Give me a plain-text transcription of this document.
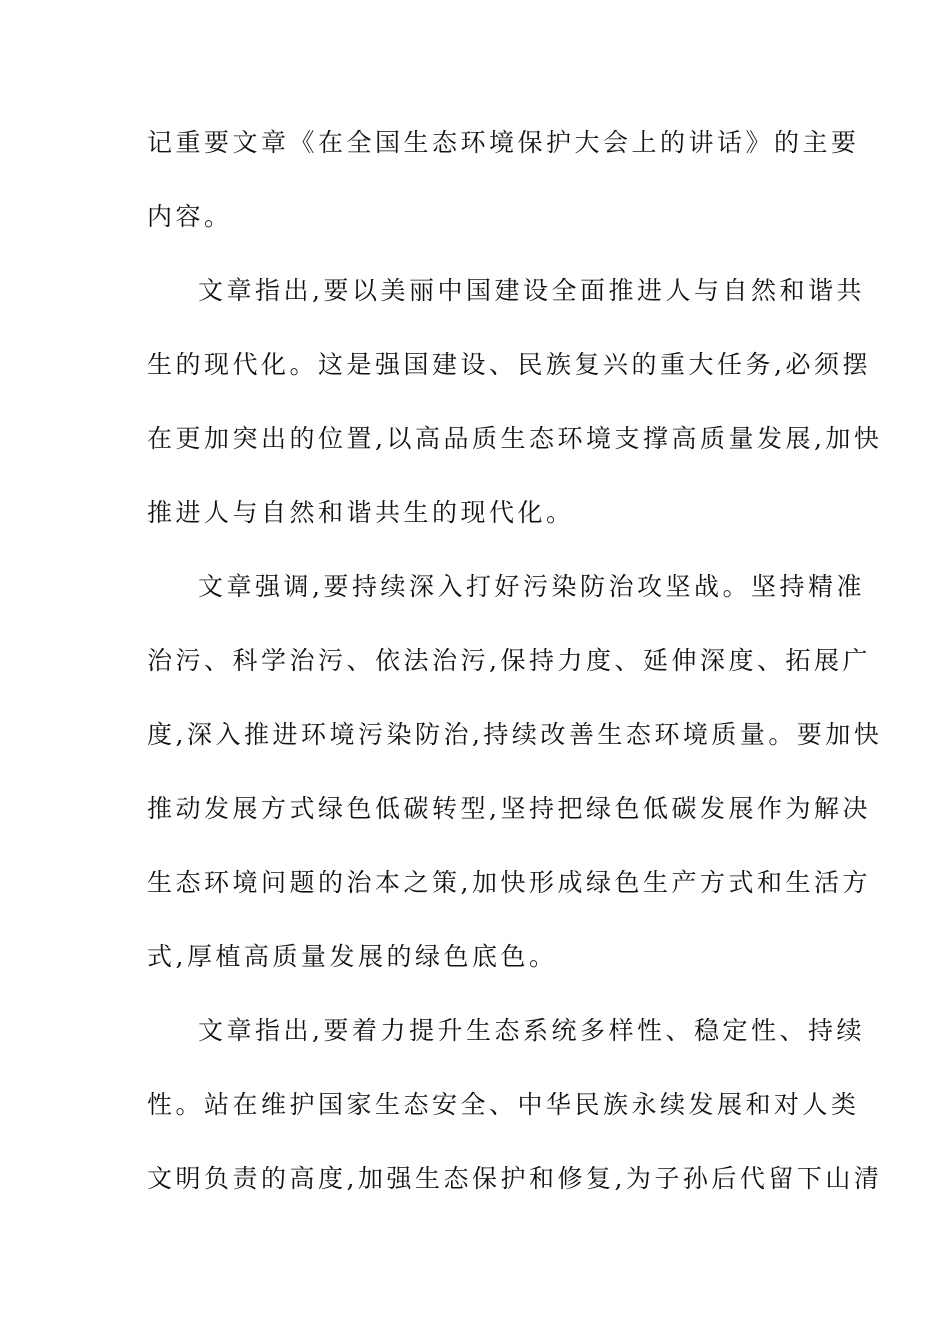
记重要文章《在全国生态环境保护大会上的讲话》的主要
内容。
文章指出,要以美丽中国建设全面推进人与自然和谐共
生的现代化。这是强国建设、民族复兴的重大任务,必须摆
在更加突出的位置,以高品质生态环境支撑高质量发展,加快
推进人与自然和谐共生的现代化。
文章强调,要持续深入打好污染防治攻坚战。坚持精准
治污、科学治污、依法治污,保持力度、延伸深度、拓展广
度,深入推进环境污染防治,持续改善生态环境质量。要加快
推动发展方式绿色低碳转型,坚持把绿色低碳发展作为解决
生态环境问题的治本之策,加快形成绿色生产方式和生活方
式,厚植高质量发展的绿色底色。
文章指出,要着力提升生态系统多样性、稳定性、持续
性。站在维护国家生态安全、中华民族永续发展和对人类
文明负责的高度,加强生态保护和修复,为子孙后代留下山清
